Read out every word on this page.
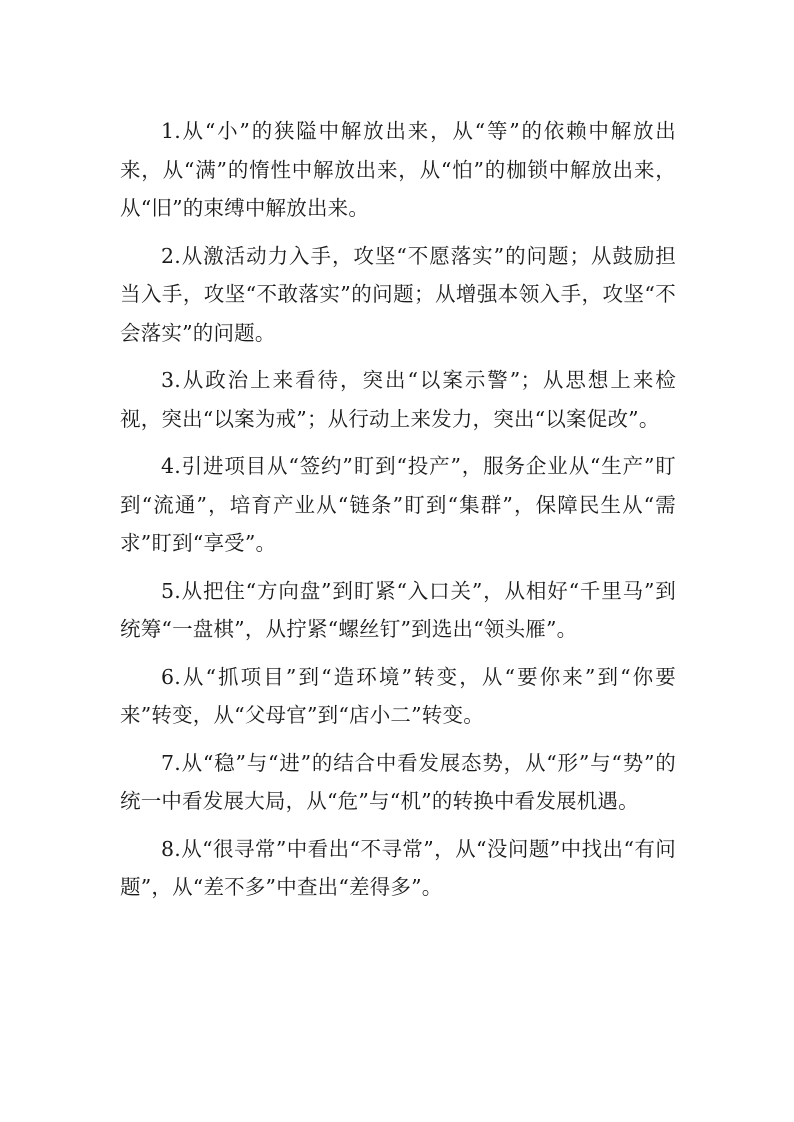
1.从“小”的狭隘中解放出来，从“等”的依赖中解放出来，从“满”的惰性中解放出来，从“怕”的枷锁中解放出来，从“旧”的束缚中解放出来。

2.从激活动力入手，攻坚“不愿落实”的问题；从鼓励担当入手，攻坚“不敢落实”的问题；从增强本领入手，攻坚“不会落实”的问题。

3.从政治上来看待，突出“以案示警”；从思想上来检视，突出“以案为戒”；从行动上来发力，突出“以案促改”。

4.引进项目从“签约”盯到“投产”，服务企业从“生产”盯到“流通”，培育产业从“链条”盯到“集群”，保障民生从“需求”盯到“享受”。

5.从把住“方向盘”到盯紧“入口关”，从相好“千里马”到统筹“一盘棋”，从拧紧“螺丝钉”到选出“领头雁”。

6.从“抓项目”到“造环境”转变，从“要你来”到“你要来”转变，从“父母官”到“店小二”转变。

7.从“稳”与“进”的结合中看发展态势，从“形”与“势”的统一中看发展大局，从“危”与“机”的转换中看发展机遇。

8.从“很寻常”中看出“不寻常”，从“没问题”中找出“有问题”，从“差不多”中查出“差得多”。
